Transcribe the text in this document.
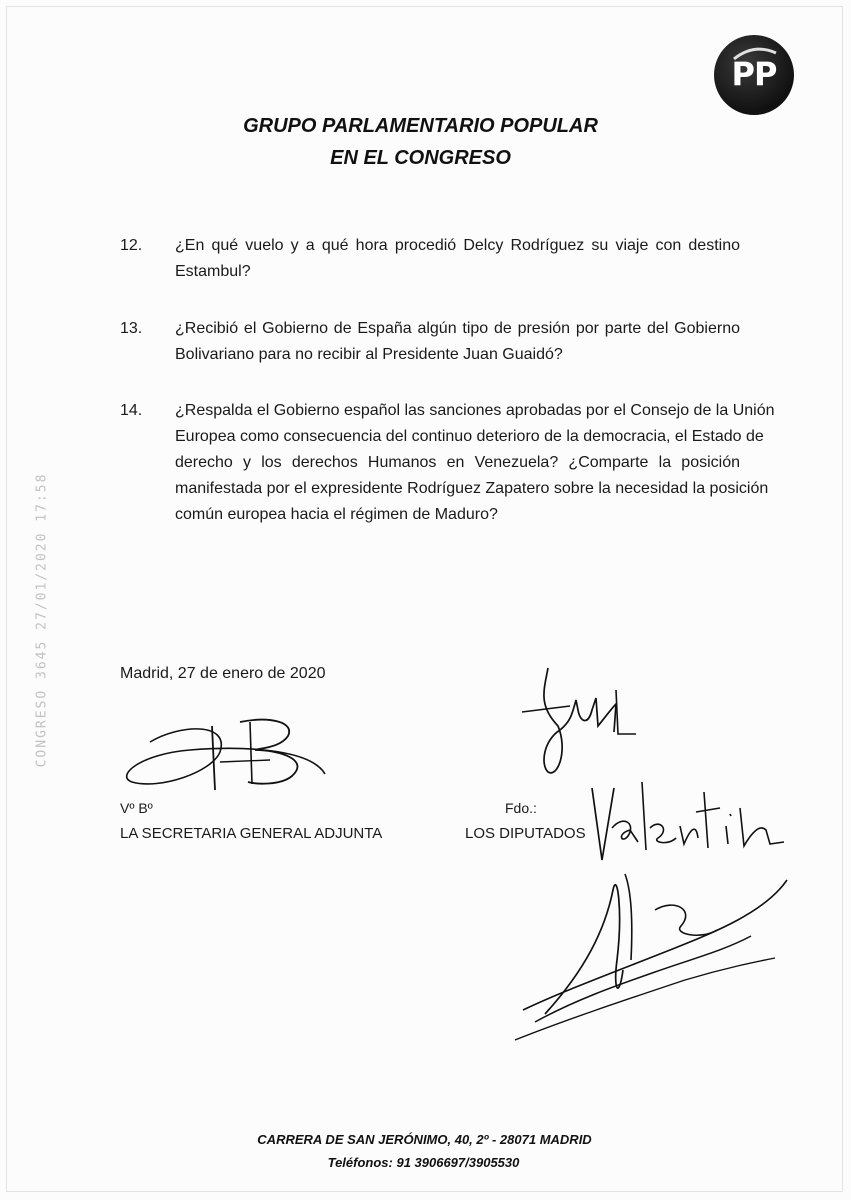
PP
GRUPO PARLAMENTARIO POPULAR
EN EL CONGRESO
CONGRESO 3645 27/01/2020 17:58
12. ¿En qué vuelo y a qué hora procedió Delcy Rodríguez su viaje con destino
Estambul?
13. ¿Recibió el Gobierno de España algún tipo de presión por parte del Gobierno
Bolivariano para no recibir al Presidente Juan Guaidó?
14. ¿Respalda el Gobierno español las sanciones aprobadas por el Consejo de la Unión
Europea como consecuencia del continuo deterioro de la democracia, el Estado de
derecho y los derechos Humanos en Venezuela? ¿Comparte la posición
manifestada por el expresidente Rodríguez Zapatero sobre la necesidad la posición
común europea hacia el régimen de Maduro?
Madrid, 27 de enero de 2020
Vº Bº
LA SECRETARIA GENERAL ADJUNTA
Fdo.:
LOS DIPUTADOS
CARRERA DE SAN JERÓNIMO, 40, 2º - 28071 MADRID
Teléfonos: 91 3906697/3905530
